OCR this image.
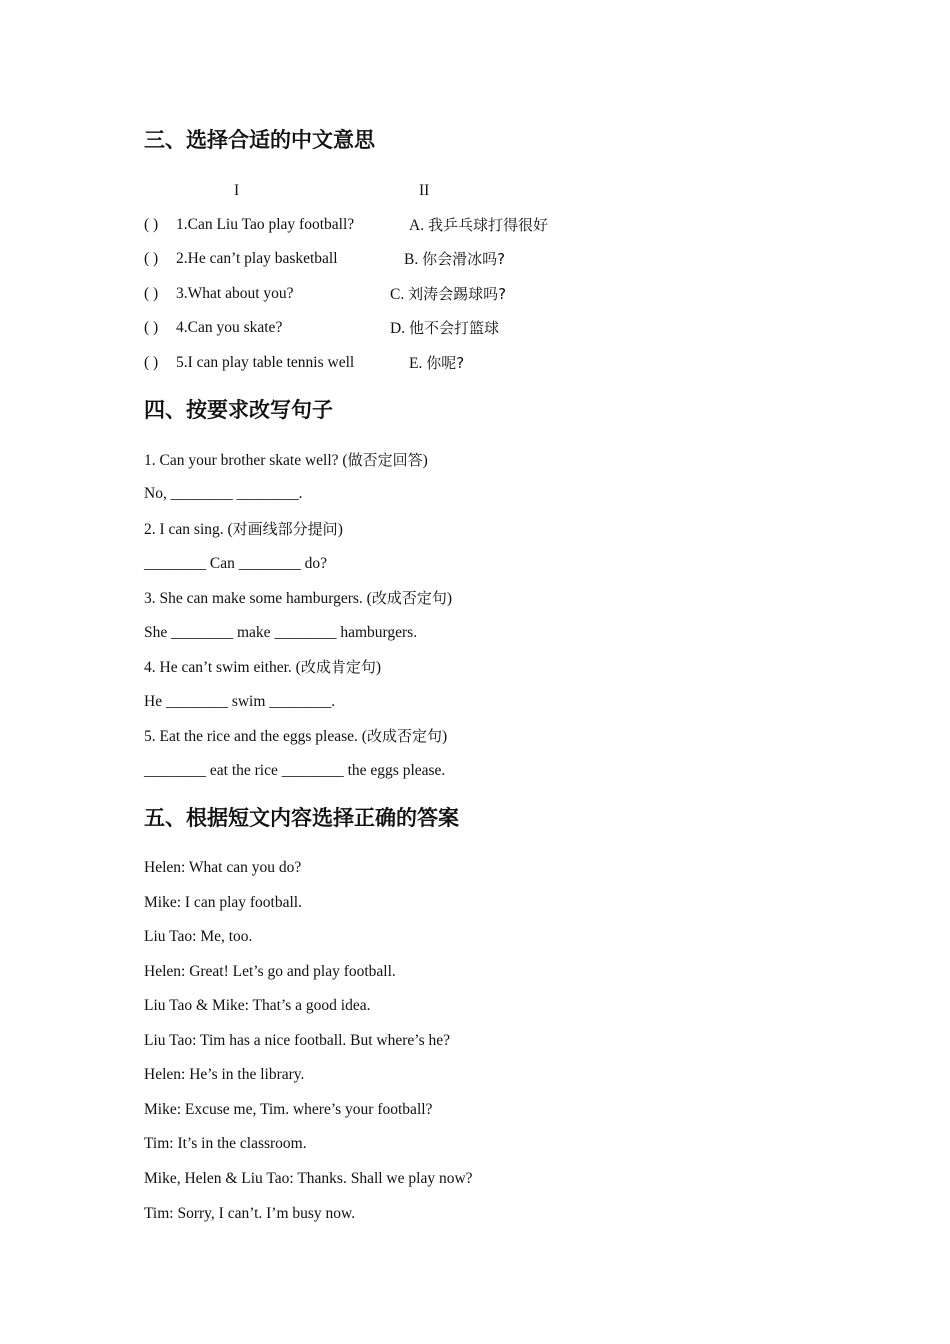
三、选择合适的中文意思
I	II
( ) 1.Can Liu Tao play football?	A. 我乒乓球打得很好
( ) 2.He can’t play basketball	B. 你会滑冰吗?
( ) 3.What about you?	C. 刘涛会踢球吗?
( ) 4.Can you skate?	D. 他不会打篮球
( ) 5.I can play table tennis well	E. 你呢?
四、按要求改写句子
1. Can your brother skate well? (做否定回答)
No, ________ ________.
2. I can sing. (对画线部分提问)
________ Can ________ do?
3. She can make some hamburgers. (改成否定句)
She ________ make ________ hamburgers.
4. He can’t swim either. (改成肯定句)
He ________ swim ________.
5. Eat the rice and the eggs please. (改成否定句)
________ eat the rice ________ the eggs please.
五、根据短文内容选择正确的答案
Helen: What can you do?
Mike: I can play football.
Liu Tao: Me, too.
Helen: Great! Let’s go and play football.
Liu Tao & Mike: That’s a good idea.
Liu Tao: Tim has a nice football. But where’s he?
Helen: He’s in the library.
Mike: Excuse me, Tim. where’s your football?
Tim: It’s in the classroom.
Mike, Helen & Liu Tao: Thanks. Shall we play now?
Tim: Sorry, I can’t. I’m busy now.
